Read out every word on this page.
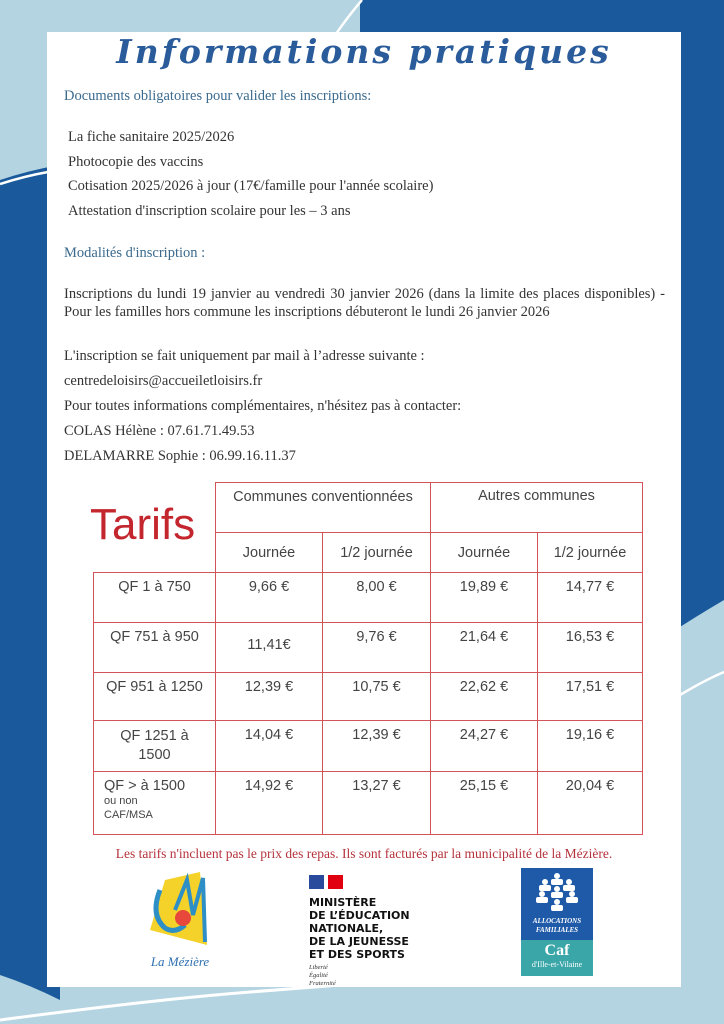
Informations pratiques
Documents obligatoires pour valider les inscriptions:
La fiche sanitaire 2025/2026
Photocopie des vaccins
Cotisation 2025/2026 à jour (17€/famille pour l'année scolaire)
Attestation d'inscription scolaire pour les – 3 ans
Modalités d'inscription :
Inscriptions du lundi 19 janvier au vendredi 30 janvier 2026 (dans la limite des places disponibles) - Pour les familles hors commune les inscriptions débuteront le lundi 26 janvier 2026
L'inscription se fait uniquement par mail à l’adresse suivante :
centredeloisirs@accueiletloisirs.fr
Pour toutes informations complémentaires, n'hésitez pas à contacter:
COLAS Hélène : 07.61.71.49.53
DELAMARRE Sophie : 06.99.16.11.37
Les tarifs n'incluent pas le prix des repas. Ils sont facturés par la municipalité de la Mézière.
La Mézière
MINISTÈRE
DE L’ÉDUCATION
NATIONALE,
DE LA JEUNESSE
ET DES SPORTS
Liberté
Égalité
Fraternité
ALLOCATIONS
FAMILIALES
Caf
d'Ille-et-Vilaine
Tarifs
	Communes conventionnées		Autres communes	
	Journée	1/2 journée	Journée	1/2 journée
QF 1 à 750	9,66 €	8,00 €	19,89 €	14,77 €
QF 751 à 950	11,41€	9,76 €	21,64 €	16,53 €
QF 951 à 1250	12,39 €	10,75 €	22,62 €	17,51 €
QF 1251 à 1500	14,04 €	12,39 €	24,27 €	19,16 €

QF > à 1500
ou non CAF/MSA	14,92 €	13,27 €	25,15 €	20,04 €
